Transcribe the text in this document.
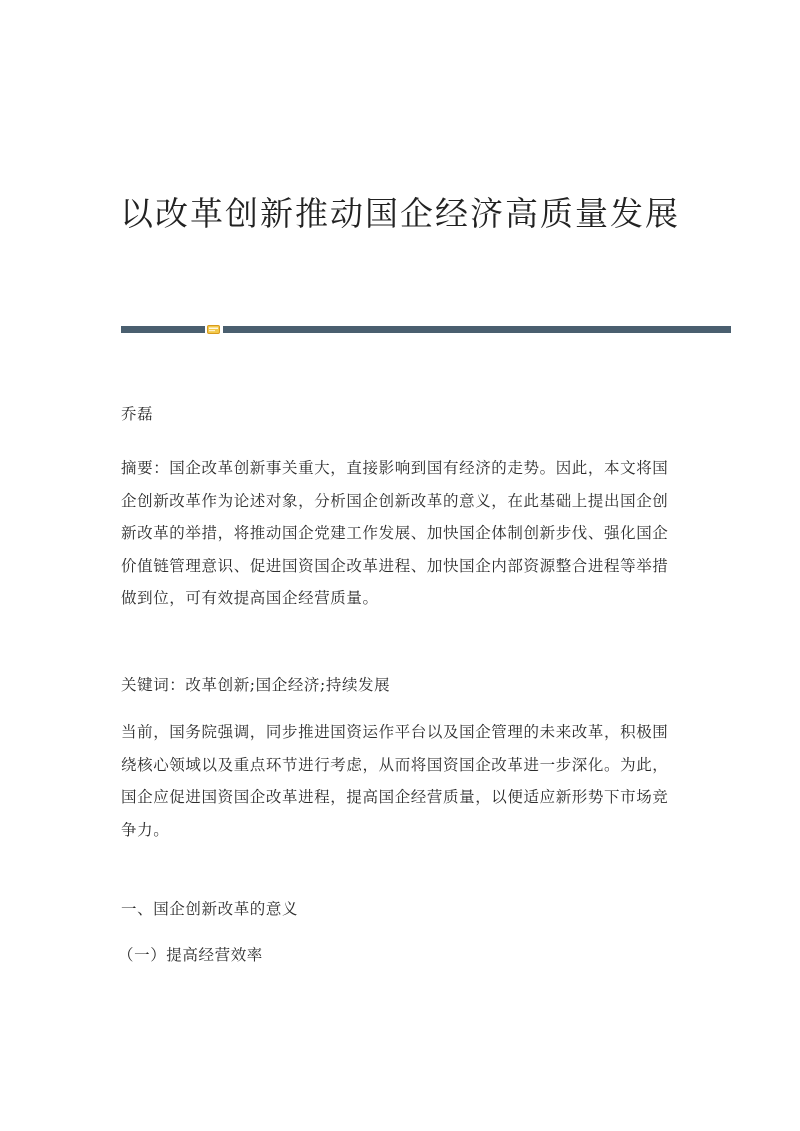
以改革创新推动国企经济高质量发展

乔磊

摘要：国企改革创新事关重大，直接影响到国有经济的走势。因此，本文将国企创新改革作为论述对象，分析国企创新改革的意义，在此基础上提出国企创新改革的举措，将推动国企党建工作发展、加快国企体制创新步伐、强化国企价值链管理意识、促进国资国企改革进程、加快国企内部资源整合进程等举措做到位，可有效提高国企经营质量。

关键词：改革创新;国企经济;持续发展

当前，国务院强调，同步推进国资运作平台以及国企管理的未来改革，积极围绕核心领域以及重点环节进行考虑，从而将国资国企改革进一步深化。为此，国企应促进国资国企改革进程，提高国企经营质量，以便适应新形势下市场竞争力。

一、国企创新改革的意义

（一）提高经营效率
